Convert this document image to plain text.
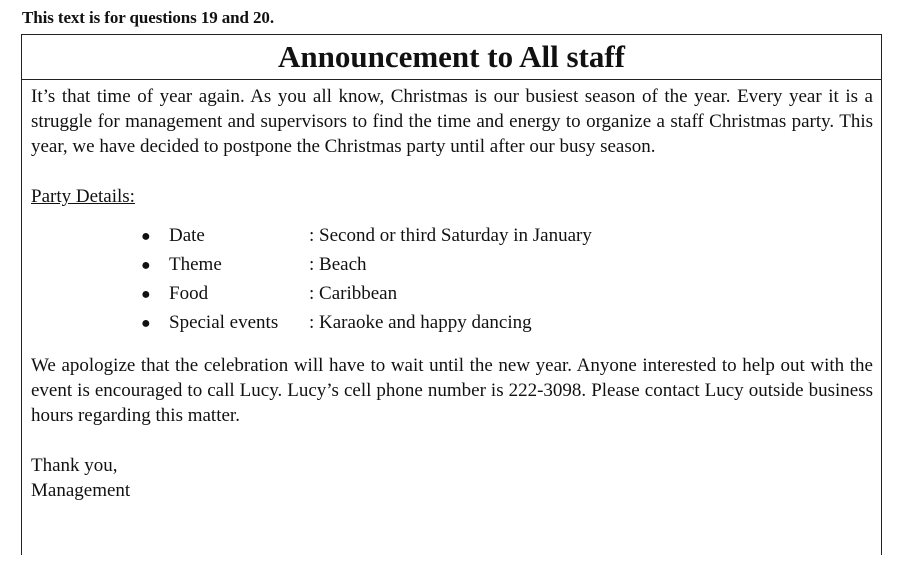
This text is for questions 19 and 20.
Announcement to All staff

It’s that time of year again. As you all know, Christmas is our busiest season of the year. Every year it is a struggle for management and supervisors to find the time and energy to organize a staff Christmas party. This year, we have decided to postpone the Christmas party until after our busy season.

Party Details:
● Date	: Second or third Saturday in January
● Theme	: Beach
● Food	: Caribbean
● Special events	: Karaoke and happy dancing

We apologize that the celebration will have to wait until the new year. Anyone interested to help out with the event is encouraged to call Lucy. Lucy’s cell phone number is 222-3098. Please contact Lucy outside business hours regarding this matter.

Thank you,
Management
